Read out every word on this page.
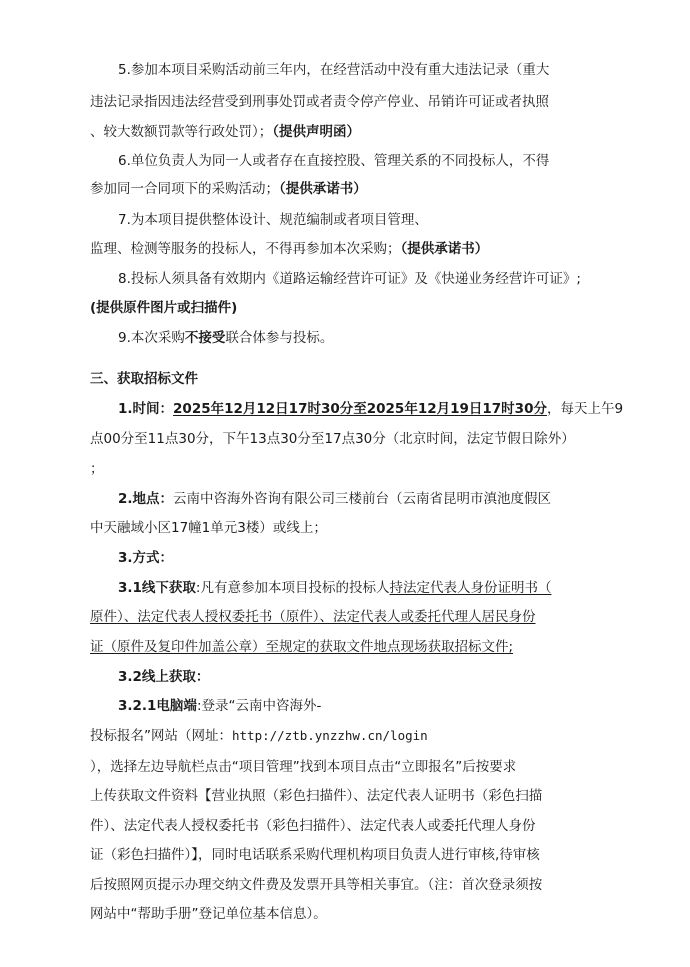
5.参加本项目采购活动前三年内，在经营活动中没有重大违法记录（重大
违法记录指因违法经营受到刑事处罚或者责令停产停业、吊销许可证或者执照
、较大数额罚款等行政处罚）；（提供声明函）
6.单位负责人为同一人或者存在直接控股、管理关系的不同投标人，不得
参加同一合同项下的采购活动；（提供承诺书）
7.为本项目提供整体设计、规范编制或者项目管理、
监理、检测等服务的投标人，不得再参加本次采购；（提供承诺书）
8.投标人须具备有效期内《道路运输经营许可证》及《快递业务经营许可证》;
(提供原件图片或扫描件)
9.本次采购不接受联合体参与投标。
三、获取招标文件
1.时间：2025年12月12日17时30分至2025年12月19日17时30分，每天上午9
点00分至11点30分，下午13点30分至17点30分（北京时间，法定节假日除外）
；
2.地点：云南中咨海外咨询有限公司三楼前台（云南省昆明市滇池度假区
中天融域小区17幢1单元3楼）或线上；
3.方式：
3.1线下获取:凡有意参加本项目投标的投标人持法定代表人身份证明书（
原件）、法定代表人授权委托书（原件）、法定代表人或委托代理人居民身份
证（原件及复印件加盖公章）至规定的获取文件地点现场获取招标文件;
3.2线上获取：
3.2.1电脑端:登录“云南中咨海外-
投标报名”网站（网址：http://ztb.ynzzhw.cn/login
），选择左边导航栏点击“项目管理”找到本项目点击“立即报名”后按要求
上传获取文件资料【营业执照（彩色扫描件）、法定代表人证明书（彩色扫描
件）、法定代表人授权委托书（彩色扫描件）、法定代表人或委托代理人身份
证（彩色扫描件）】，同时电话联系采购代理机构项目负责人进行审核,待审核
后按照网页提示办理交纳文件费及发票开具等相关事宜。（注：首次登录须按
网站中“帮助手册”登记单位基本信息）。
